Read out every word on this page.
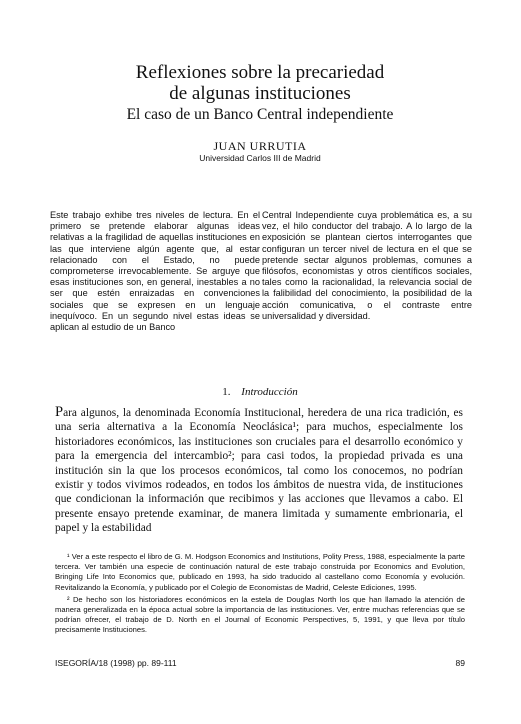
Reflexiones sobre la precariedad
de algunas instituciones
El caso de un Banco Central independiente
JUAN URRUTIA
Universidad Carlos III de Madrid

Este trabajo exhibe tres niveles de lectura. En el primero se pretende elaborar algunas ideas relativas a la fragilidad de aquellas instituciones en las que interviene algún agente que, al estar relacionado con el Estado, no puede comprometerse irrevocablemente. Se arguye que esas instituciones son, en general, inestables a no ser que estén enraizadas en convenciones sociales que se expresen en un lenguaje inequívoco. En un segundo nivel estas ideas se aplican al estudio de un Banco

Central Independiente cuya problemática es, a su vez, el hilo conductor del trabajo. A lo largo de la exposición se plantean ciertos interrogantes que configuran un tercer nivel de lectura en el que se pretende sectar algunos problemas, comunes a filósofos, economistas y otros científicos sociales, tales como la racionalidad, la relevancia social de la falibilidad del conocimiento, la posibilidad de la acción comunicativa, o el contraste entre universalidad y diversidad.

1. Introducción

Para algunos, la denominada Economía Institucional, heredera de una rica tradición, es una seria alternativa a la Economía Neoclásica¹; para muchos, especialmente los historiadores económicos, las instituciones son cruciales para el desarrollo económico y para la emergencia del intercambio²; para casi todos, la propiedad privada es una institución sin la que los procesos económicos, tal como los conocemos, no podrían existir y todos vivimos rodeados, en todos los ámbitos de nuestra vida, de instituciones que condicionan la información que recibimos y las acciones que llevamos a cabo. El presente ensayo pretende examinar, de manera limitada y sumamente embrionaria, el papel y la estabilidad

¹ Ver a este respecto el libro de G. M. Hodgson Economics and Institutions, Polity Press, 1988, especialmente la parte tercera. Ver también una especie de continuación natural de este trabajo construida por Economics and Evolution, Bringing Life Into Economics que, publicado en 1993, ha sido traducido al castellano como Economía y evolución. Revitalizando la Economía, y publicado por el Colegio de Economistas de Madrid, Celeste Ediciones, 1995.

² De hecho son los historiadores económicos en la estela de Douglas North los que han llamado la atención de manera generalizada en la época actual sobre la importancia de las instituciones. Ver, entre muchas referencias que se podrían ofrecer, el trabajo de D. North en el Journal of Economic Perspectives, 5, 1991, y que lleva por título precisamente Instituciones.

ISEGORÍA/18 (1998) pp. 89-111	89
